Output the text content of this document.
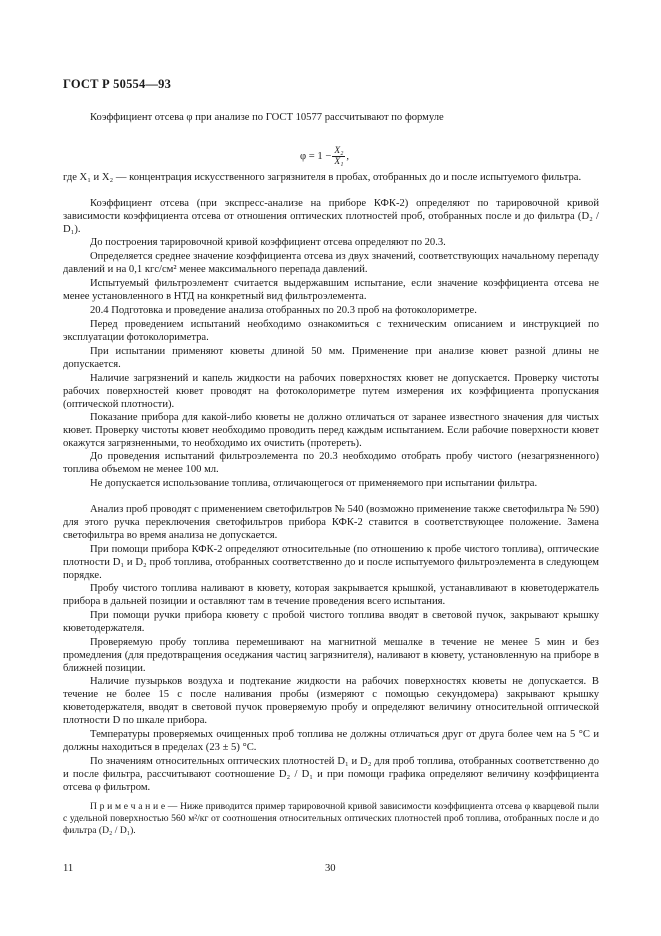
ГОСТ Р 50554—93

Коэффициент отсева φ при анализе по ГОСТ 10577 рассчитывают по формуле

$\varphi = 1 - \frac{\text{X₂}}{\text{X₁}}$ ,

где X₁ и X₂ — концентрация искусственного загрязнителя в пробах, отобранных до и после испытуемого фильтра.

Коэффициент отсева (при экспресс-анализе на приборе КФК-2) определяют по тарировочной кривой зависимости коэффициента отсева от отношения оптических плотностей проб, отобранных после и до фильтра (D₂ / D₁).

До построения тарировочной кривой коэффициент отсева определяют по 20.3.

Определяется среднее значение коэффициента отсева из двух значений, соответствующих начальному перепаду давлений и на 0,1 кгс/см² менее максимального перепада давлений.

Испытуемый фильтроэлемент считается выдержавшим испытание, если значение коэффициента отсева не менее установленного в НТД на конкретный вид фильтроэлемента.

20.4 Подготовка и проведение анализа отобранных по 20.3 проб на фотоколориметре.

Перед проведением испытаний необходимо ознакомиться с техническим описанием и инструкцией по эксплуатации фотоколориметра.

При испытании применяют кюветы длиной 50 мм. Применение при анализе кювет разной длины не допускается.

Наличие загрязнений и капель жидкости на рабочих поверхностях кювет не допускается. Проверку чистоты рабочих поверхностей кювет проводят на фотоколориметре путем измерения их коэффициента пропускания (оптической плотности).

Показание прибора для какой-либо кюветы не должно отличаться от заранее известного значения для чистых кювет. Проверку чистоты кювет необходимо проводить перед каждым испытанием. Если рабочие поверхности кювет окажутся загрязненными, то необходимо их очистить (протереть).

До проведения испытаний фильтроэлемента по 20.3 необходимо отобрать пробу чистого (незагрязненного) топлива объемом не менее 100 мл.

Не допускается использование топлива, отличающегося от применяемого при испытании фильтра.

Анализ проб проводят с применением светофильтров № 540 (возможно применение также светофильтра № 590) для этого ручка переключения светофильтров прибора КФК-2 ставится в соответствующее положение. Замена светофильтра во время анализа не допускается.

При помощи прибора КФК-2 определяют относительные (по отношению к пробе чистого топлива), оптические плотности D₁ и D₂ проб топлива, отобранных соответственно до и после испытуемого фильтроэлемента в следующем порядке.

Пробу чистого топлива наливают в кювету, которая закрывается крышкой, устанавливают в кюветодержатель прибора в дальней позиции и оставляют там в течение проведения всего испытания.

При помощи ручки прибора кювету с пробой чистого топлива вводят в световой пучок, закрывают крышку кюветодержателя.

Проверяемую пробу топлива перемешивают на магнитной мешалке в течение не менее 5 мин и без промедления (для предотвращения оседжания частиц загрязнителя), наливают в кювету, установленную на приборе в ближней позиции.

Наличие пузырьков воздуха и подтекание жидкости на рабочих поверхностях кюветы не допускается. В течение не более 15 с после наливания пробы (измеряют с помощью секундомера) закрывают крышку кюветодержателя, вводят в световой пучок проверяемую пробу и определяют величину относительной оптической плотности D по шкале прибора.

Температуры проверяемых очищенных проб топлива не должны отличаться друг от друга более чем на 5 °С и должны находиться в пределах (23 ± 5) °С.

По значениям относительных оптических плотностей D₁ и D₂ для проб топлива, отобранных соответственно до и после фильтра, рассчитывают соотношение D₂ / D₁ и при помощи графика определяют величину коэффициента отсева φ фильтром.

П р и м е ч а н и е — Ниже приводится пример тарировочной кривой зависимости коэффициента отсева φ кварцевой пыли с удельной поверхностью 560 м²/кг от соотношения относительных оптических плотностей проб топлива, отобранных после и до фильтра (D₂ / D₁).

11	30
